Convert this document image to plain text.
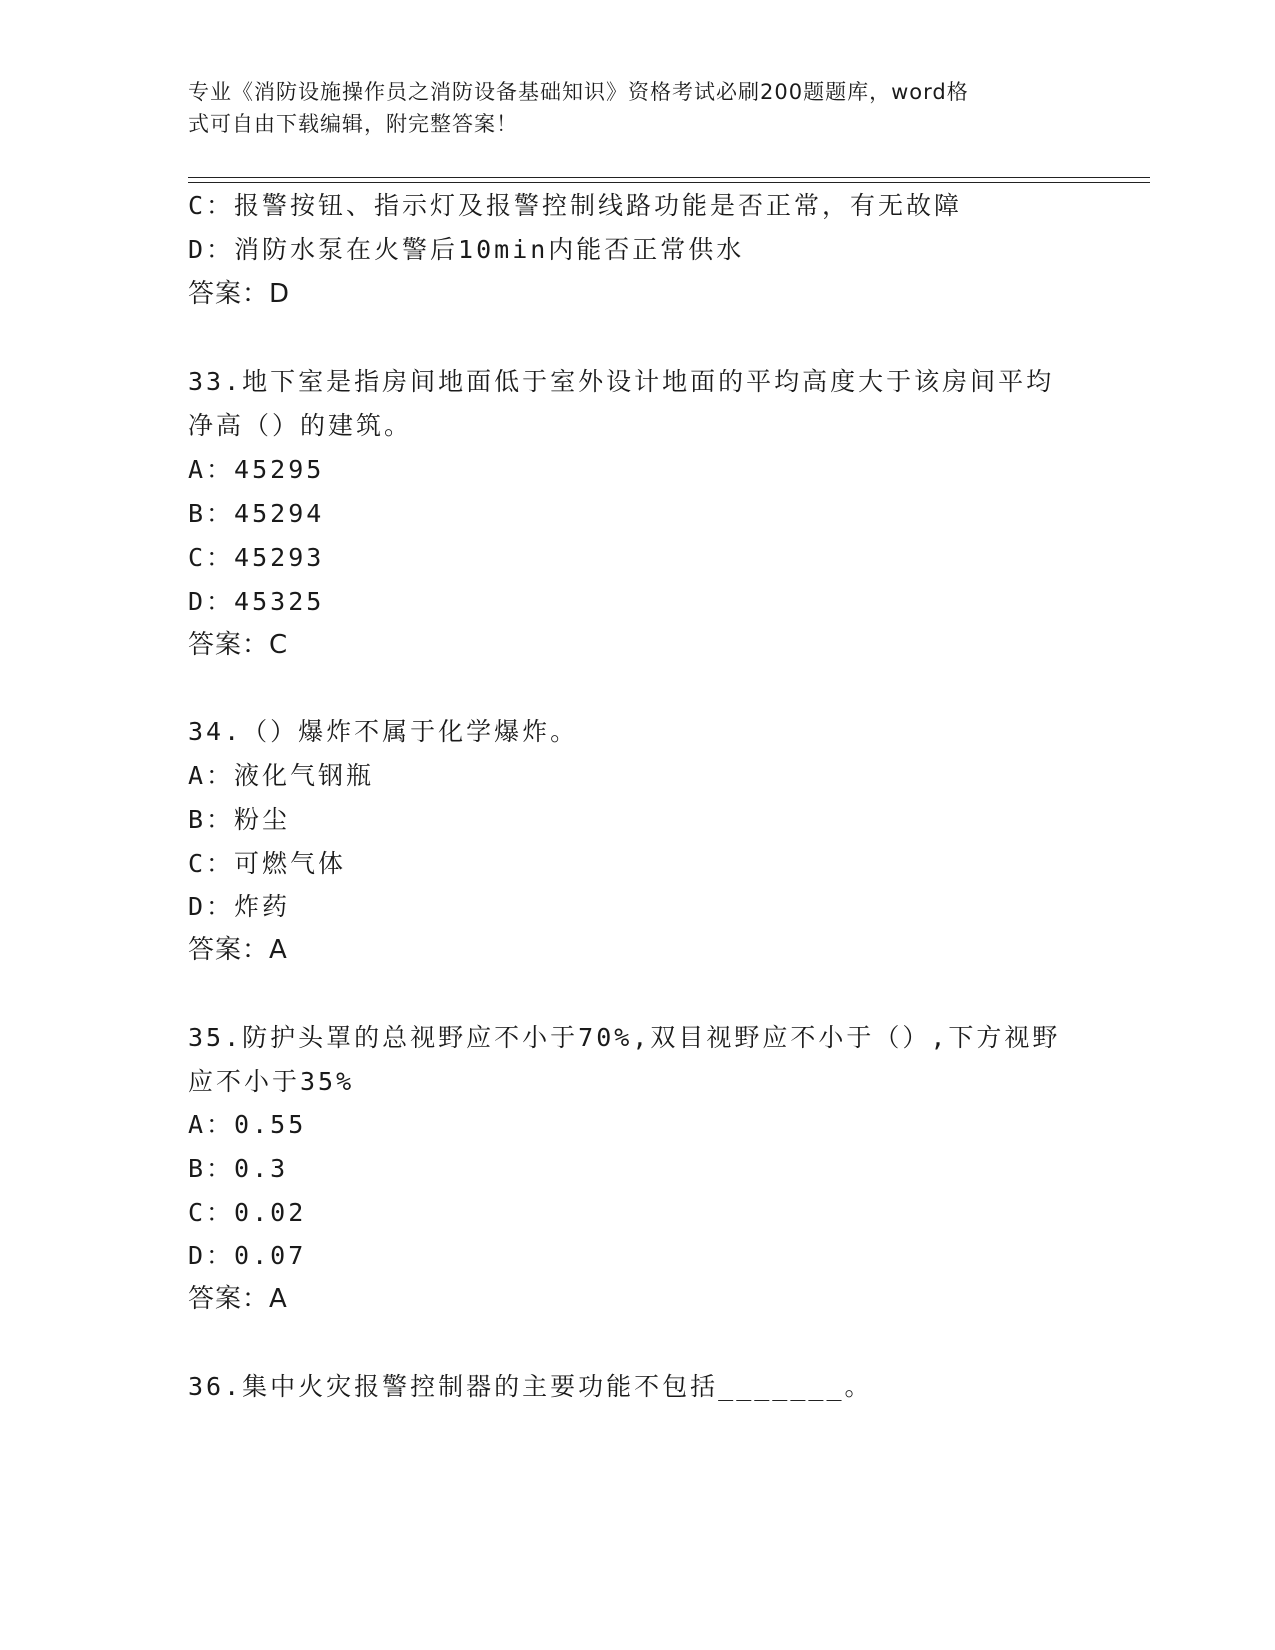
专业《消防设施操作员之消防设备基础知识》资格考试必刷200题题库，word格
式可自由下载编辑，附完整答案！
C：报警按钮、指示灯及报警控制线路功能是否正常，有无故障
D：消防水泵在火警后10min内能否正常供水
答案：D
33.地下室是指房间地面低于室外设计地面的平均高度大于该房间平均
净高（）的建筑。
A：45295
B：45294
C：45293
D：45325
答案：C
34.（）爆炸不属于化学爆炸。
A：液化气钢瓶
B：粉尘
C：可燃气体
D：炸药
答案：A
35.防护头罩的总视野应不小于70%,双目视野应不小于（）,下方视野
应不小于35%
A：0.55
B：0.3
C：0.02
D：0.07
答案：A
36.集中火灾报警控制器的主要功能不包括_______。
